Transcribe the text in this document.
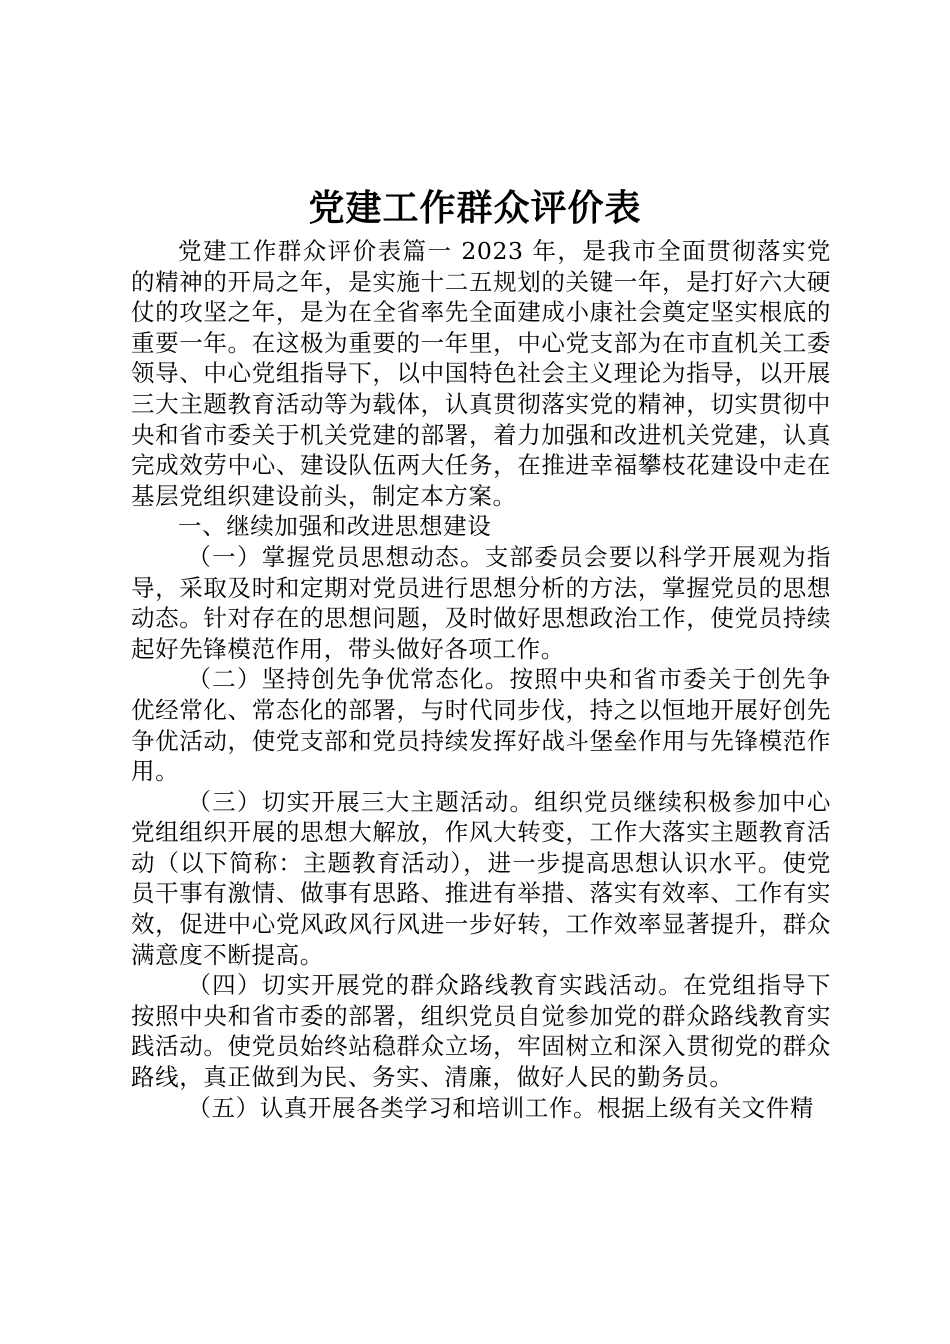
党建工作群众评价表

党建工作群众评价表篇一 2023 年，是我市全面贯彻落实党的精神的开局之年，是实施十二五规划的关键一年，是打好六大硬仗的攻坚之年，是为在全省率先全面建成小康社会奠定坚实根底的重要一年。在这极为重要的一年里，中心党支部为在市直机关工委领导、中心党组指导下，以中国特色社会主义理论为指导，以开展三大主题教育活动等为载体，认真贯彻落实党的精神，切实贯彻中央和省市委关于机关党建的部署，着力加强和改进机关党建，认真完成效劳中心、建设队伍两大任务，在推进幸福攀枝花建设中走在基层党组织建设前头，制定本方案。

一、继续加强和改进思想建设

（一）掌握党员思想动态。支部委员会要以科学开展观为指导，采取及时和定期对党员进行思想分析的方法，掌握党员的思想动态。针对存在的思想问题，及时做好思想政治工作，使党员持续起好先锋模范作用，带头做好各项工作。

（二）坚持创先争优常态化。按照中央和省市委关于创先争优经常化、常态化的部署，与时代同步伐，持之以恒地开展好创先争优活动，使党支部和党员持续发挥好战斗堡垒作用与先锋模范作用。

（三）切实开展三大主题活动。组织党员继续积极参加中心党组组织开展的思想大解放，作风大转变，工作大落实主题教育活动（以下简称：主题教育活动），进一步提高思想认识水平。使党员干事有激情、做事有思路、推进有举措、落实有效率、工作有实效，促进中心党风政风行风进一步好转，工作效率显著提升，群众满意度不断提高。

（四）切实开展党的群众路线教育实践活动。在党组指导下按照中央和省市委的部署，组织党员自觉参加党的群众路线教育实践活动。使党员始终站稳群众立场，牢固树立和深入贯彻党的群众路线，真正做到为民、务实、清廉，做好人民的勤务员。

（五）认真开展各类学习和培训工作。根据上级有关文件精
